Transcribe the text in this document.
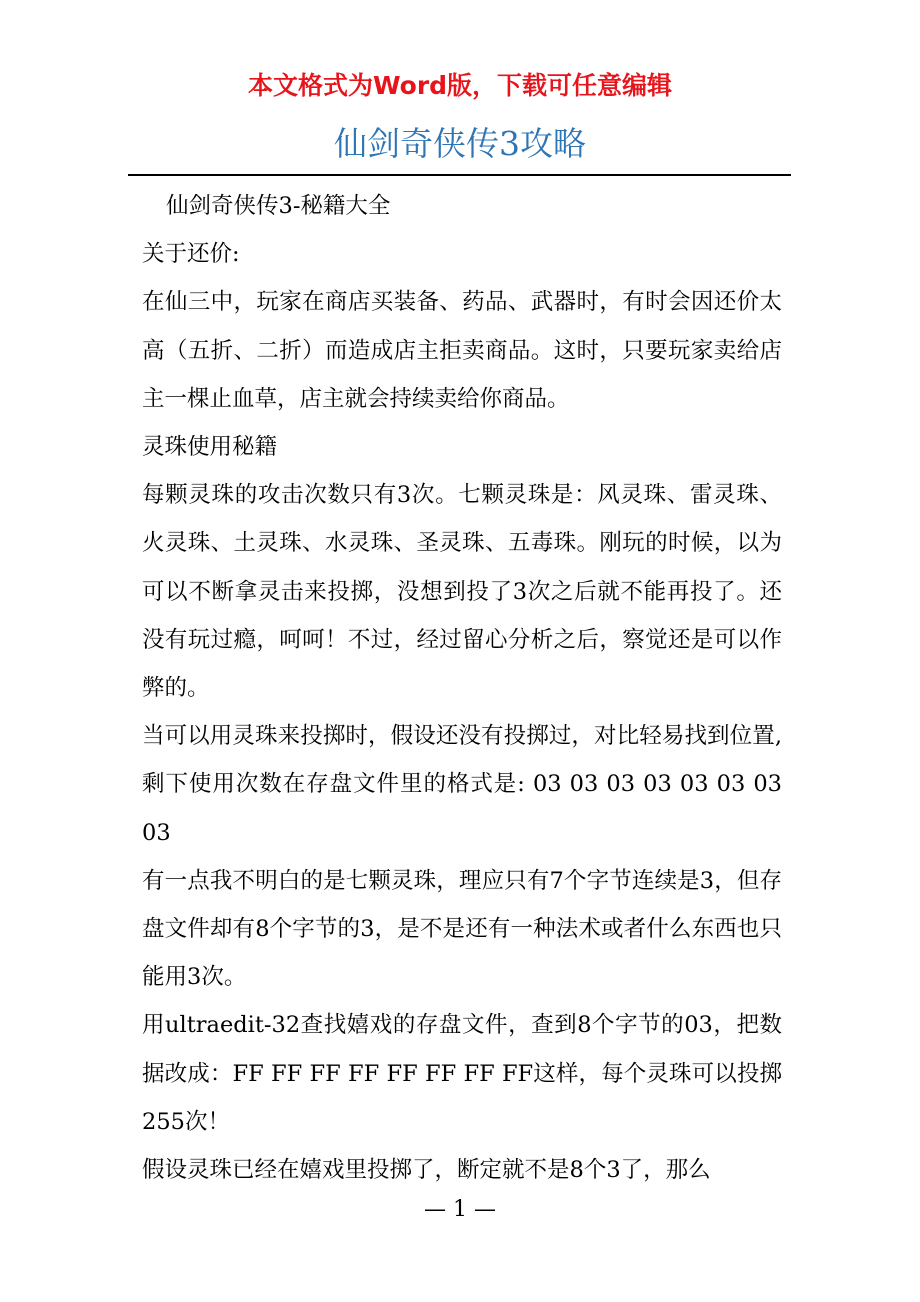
本文格式为Word版，下载可任意编辑
仙剑奇侠传3攻略

仙剑奇侠传3-秘籍大全

关于还价:

在仙三中，玩家在商店买装备、药品、武器时，有时会因还价太高（五折、二折）而造成店主拒卖商品。这时，只要玩家卖给店主一棵止血草，店主就会持续卖给你商品。

灵珠使用秘籍

每颗灵珠的攻击次数只有3次。七颗灵珠是：风灵珠、雷灵珠、火灵珠、土灵珠、水灵珠、圣灵珠、五毒珠。刚玩的时候，以为可以不断拿灵击来投掷，没想到投了3次之后就不能再投了。还没有玩过瘾，呵呵！不过，经过留心分析之后，察觉还是可以作弊的。

当可以用灵珠来投掷时，假设还没有投掷过，对比轻易找到位置,剩下使用次数在存盘文件里的格式是: 03 03 03 03 03 03 03 03

有一点我不明白的是七颗灵珠，理应只有7个字节连续是3，但存盘文件却有8个字节的3，是不是还有一种法术或者什么东西也只能用3次。

用ultraedit-32查找嬉戏的存盘文件，查到8个字节的03，把数据改成：FF FF FF FF FF FF FF FF这样，每个灵珠可以投掷255次！

假设灵珠已经在嬉戏里投掷了，断定就不是8个3了，那么

— 1 —
